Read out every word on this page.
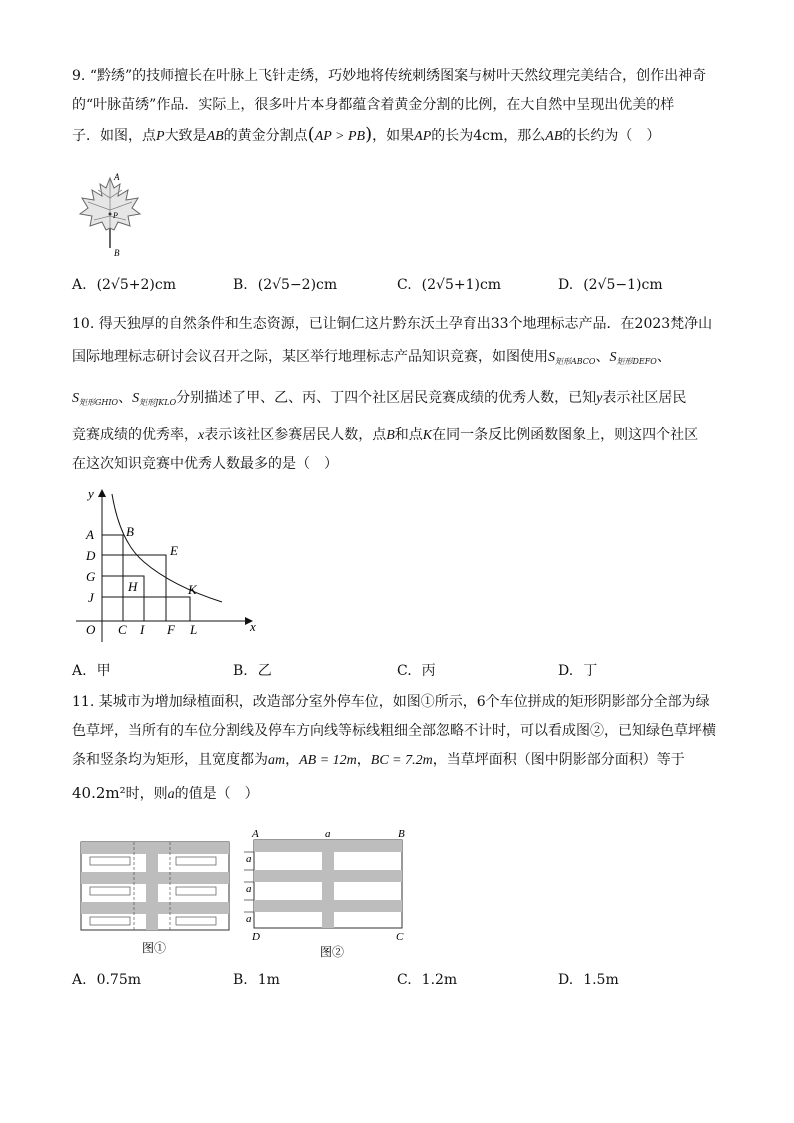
9. “黔绣”的技师擅长在叶脉上飞针走绣，巧妙地将传统刺绣图案与树叶天然纹理完美结合，创作出神奇

的“叶脉苗绣”作品．实际上，很多叶片本身都蕴含着黄金分割的比例，在大自然中呈现出优美的样

子．如图，点P大致是AB的黄金分割点(AP > PB)，如果AP的长为4cm，那么AB的长约为（　）

A
P
B
A. (2√5+2)cm	B. (2√5−2)cm	C. (2√5+1)cm	D. (2√5−1)cm

10. 得天独厚的自然条件和生态资源，已让铜仁这片黔东沃土孕育出33个地理标志产品．在2023梵净山

国际地理标志研讨会议召开之际，某区举行地理标志产品知识竞赛，如图使用$S_{矩形ABCO}$、$S_{矩形DEFO}$、

$S_{矩形GHIO}$、$S_{矩形JKLO}$分别描述了甲、乙、丙、丁四个社区居民竞赛成绩的优秀人数，已知y表示社区居民

竞赛成绩的优秀率，x表示该社区参赛居民人数，点B和点K在同一条反比例函数图象上，则这四个社区

在这次知识竞赛中优秀人数最多的是（　）

y
x
O
A
D
G
J
C I F L
B
E
H	K
A. 甲	B. 乙	C. 丙	D. 丁

11. 某城市为增加绿植面积，改造部分室外停车位，如图①所示，6个车位拼成的矩形阴影部分全部为绿

色草坪，当所有的车位分割线及停车方向线等标线粗细全部忽略不计时，可以看成图②，已知绿色草坪横

条和竖条均为矩形，且宽度都为am，AB = 12m，BC = 7.2m，当草坪面积（图中阴影部分面积）等于

40.2m²时，则a的值是（　）

图①
A	B
C
D
a
a
a
a
图②
A. 0.75m	B. 1m	C. 1.2m	D. 1.5m
